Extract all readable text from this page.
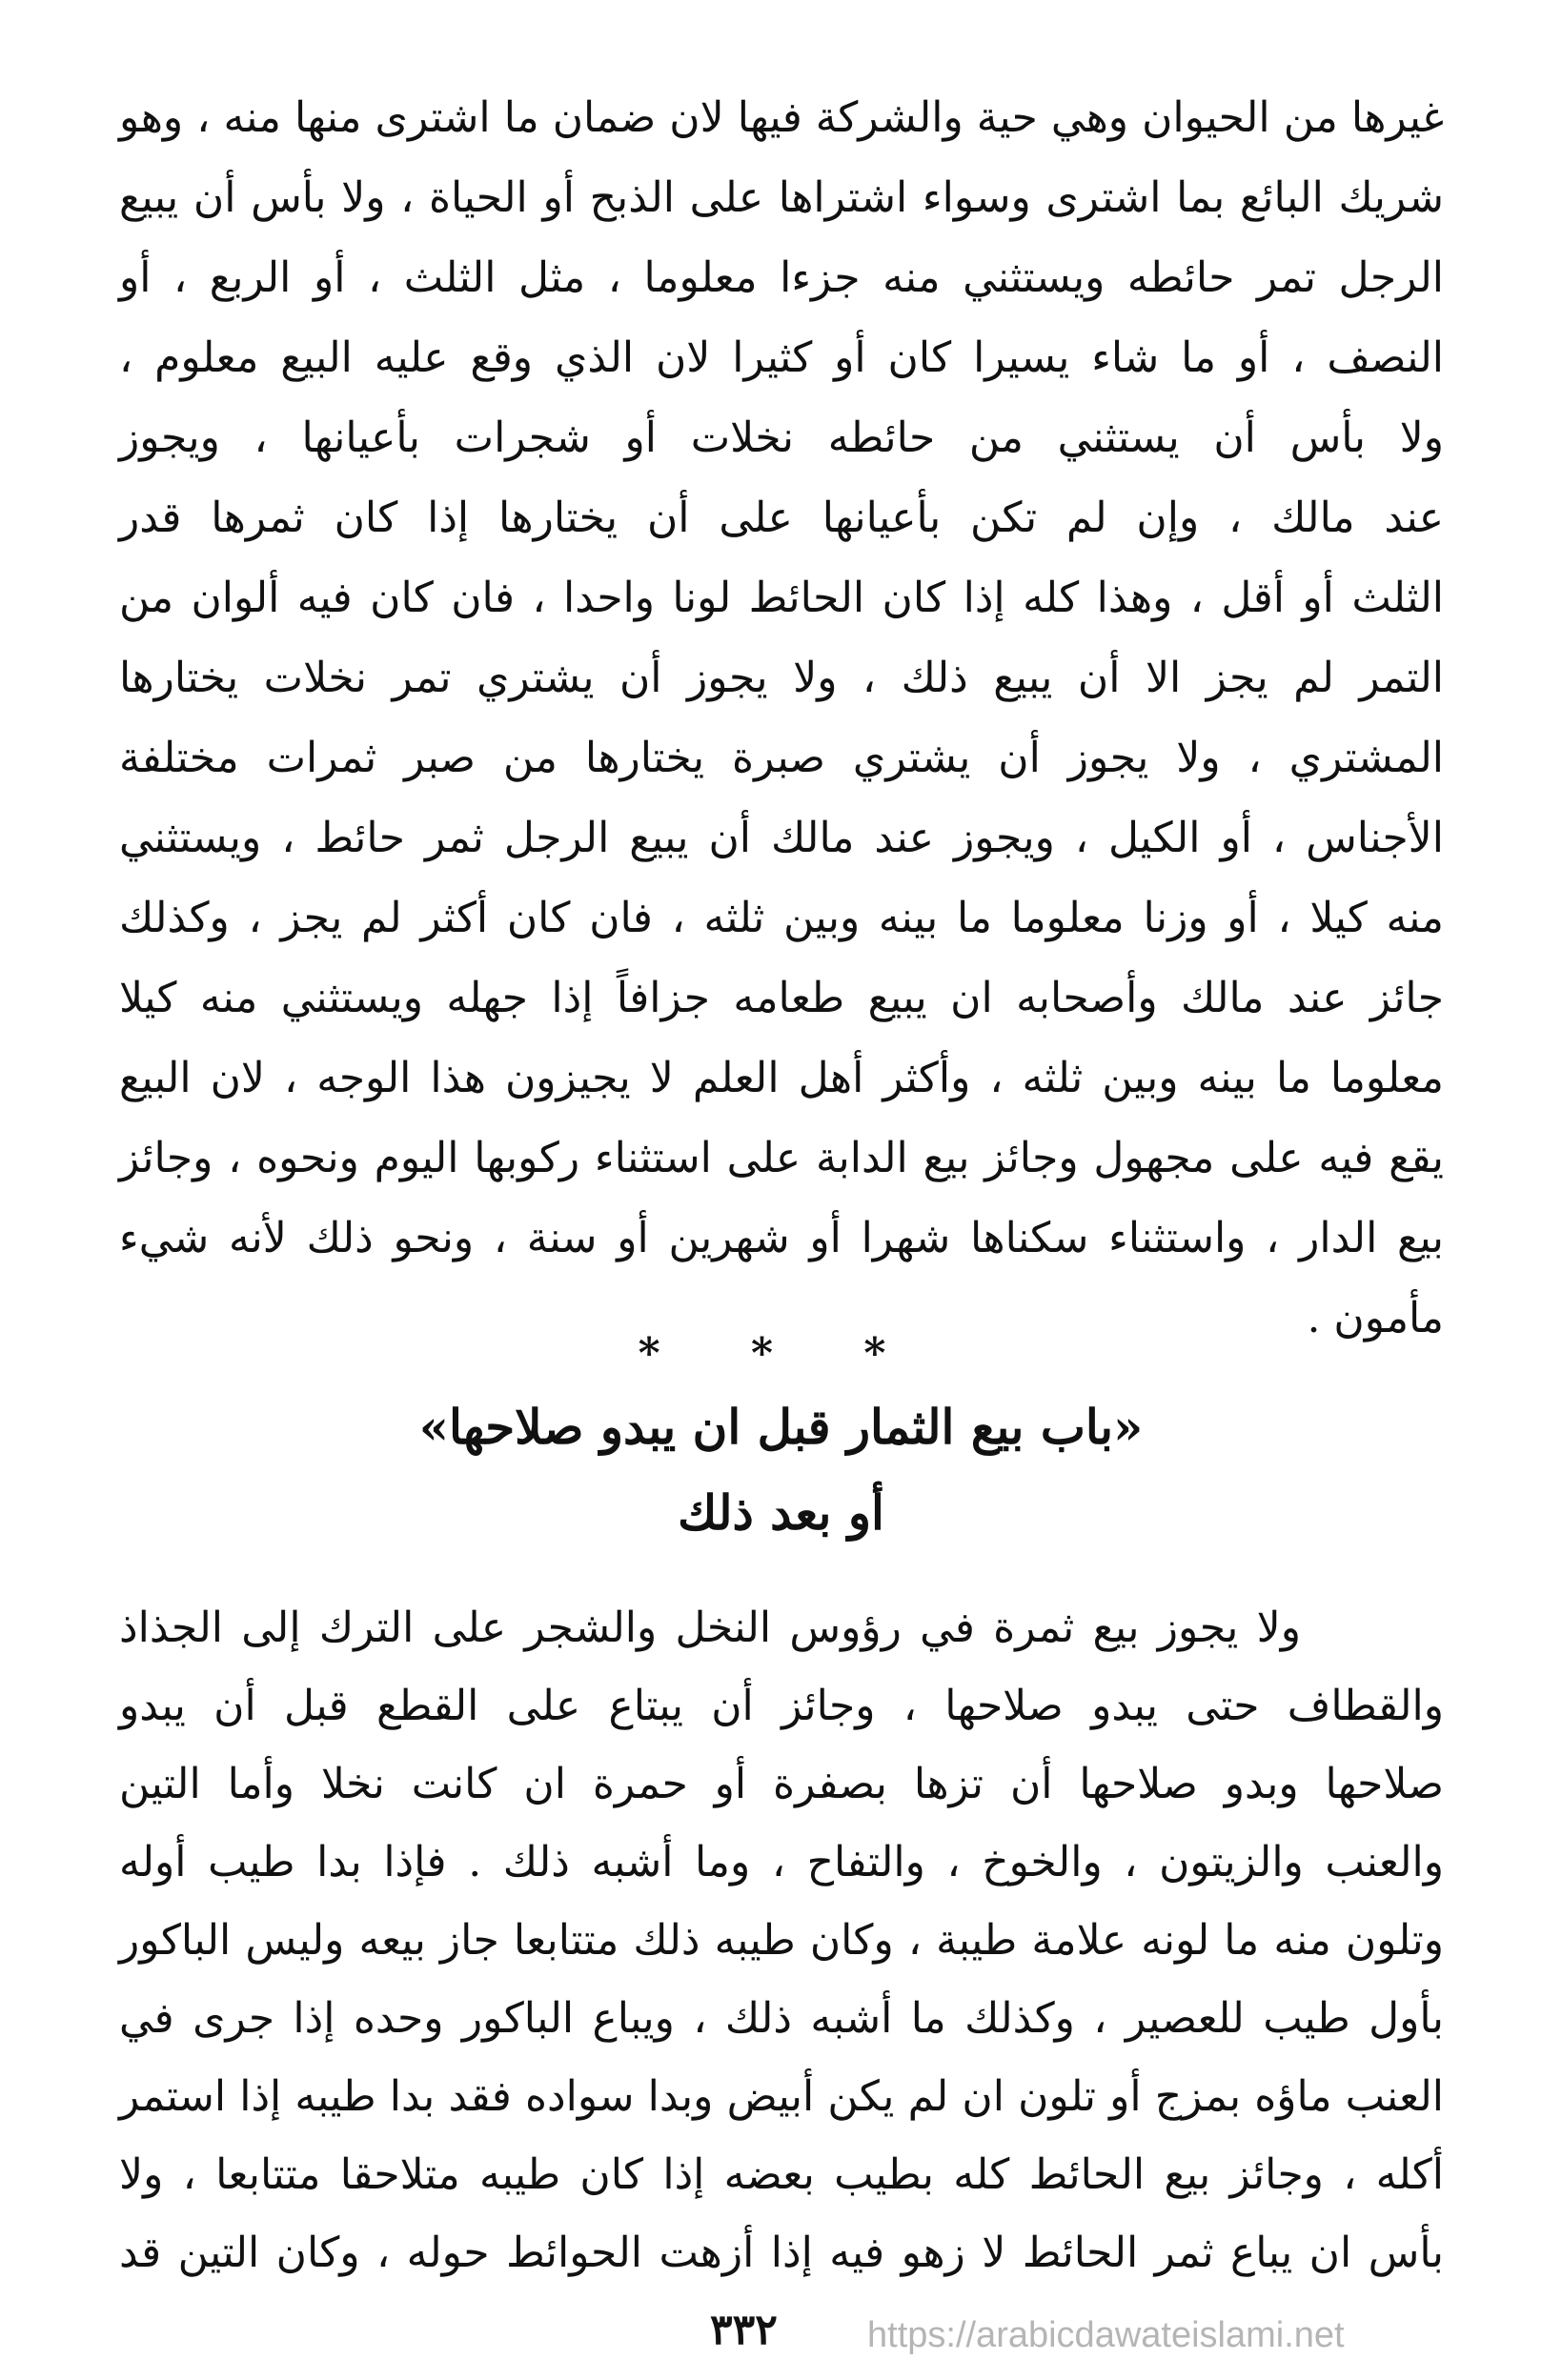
غيرها من الحيوان وهي حية والشركة فيها لان ضمان ما اشترى منها منه ، وهو
شريك البائع بما اشترى وسواء اشتراها على الذبح أو الحياة ، ولا بأس أن يبيع
الرجل تمر حائطه ويستثني منه جزءا معلوما ، مثل الثلث ، أو الربع ، أو
النصف ، أو ما شاء يسيرا كان أو كثيرا لان الذي وقع عليه البيع معلوم ،
ولا بأس أن يستثني من حائطه نخلات أو شجرات بأعيانها ، ويجوز
عند مالك ، وإن لم تكن بأعيانها على أن يختارها إذا كان ثمرها قدر
الثلث أو أقل ، وهذا كله إذا كان الحائط لونا واحدا ، فان كان فيه ألوان من
التمر لم يجز الا أن يبيع ذلك ، ولا يجوز أن يشتري تمر نخلات يختارها
المشتري ، ولا يجوز أن يشتري صبرة يختارها من صبر ثمرات مختلفة
الأجناس ، أو الكيل ، ويجوز عند مالك أن يبيع الرجل ثمر حائط ، ويستثني
منه كيلا ، أو وزنا معلوما ما بينه وبين ثلثه ، فان كان أكثر لم يجز ، وكذلك
جائز عند مالك وأصحابه ان يبيع طعامه جزافاً إذا جهله ويستثني منه كيلا
معلوما ما بينه وبين ثلثه ، وأكثر أهل العلم لا يجيزون هذا الوجه ، لان البيع
يقع فيه على مجهول وجائز بيع الدابة على استثناء ركوبها اليوم ونحوه ، وجائز
بيع الدار ، واستثناء سكناها شهرا أو شهرين أو سنة ، ونحو ذلك لأنه شيء
مأمون .
* * *
«باب بيع الثمار قبل ان يبدو صلاحها»
أو بعد ذلك
ولا يجوز بيع ثمرة في رؤوس النخل والشجر على الترك إلى الجذاذ
والقطاف حتى يبدو صلاحها ، وجائز أن يبتاع على القطع قبل أن يبدو
صلاحها وبدو صلاحها أن تزها بصفرة أو حمرة ان كانت نخلا وأما التين
والعنب والزيتون ، والخوخ ، والتفاح ، وما أشبه ذلك . فإذا بدا طيب أوله
وتلون منه ما لونه علامة طيبة ، وكان طيبه ذلك متتابعا جاز بيعه وليس الباكور
بأول طيب للعصير ، وكذلك ما أشبه ذلك ، ويباع الباكور وحده إذا جرى في
العنب ماؤه بمزج أو تلون ان لم يكن أبيض وبدا سواده فقد بدا طيبه إذا استمر
أكله ، وجائز بيع الحائط كله بطيب بعضه إذا كان طيبه متلاحقا متتابعا ، ولا
بأس ان يباع ثمر الحائط لا زهو فيه إذا أزهت الحوائط حوله ، وكان التين قد
٣٣٢ https://arabicdawateislami.net
